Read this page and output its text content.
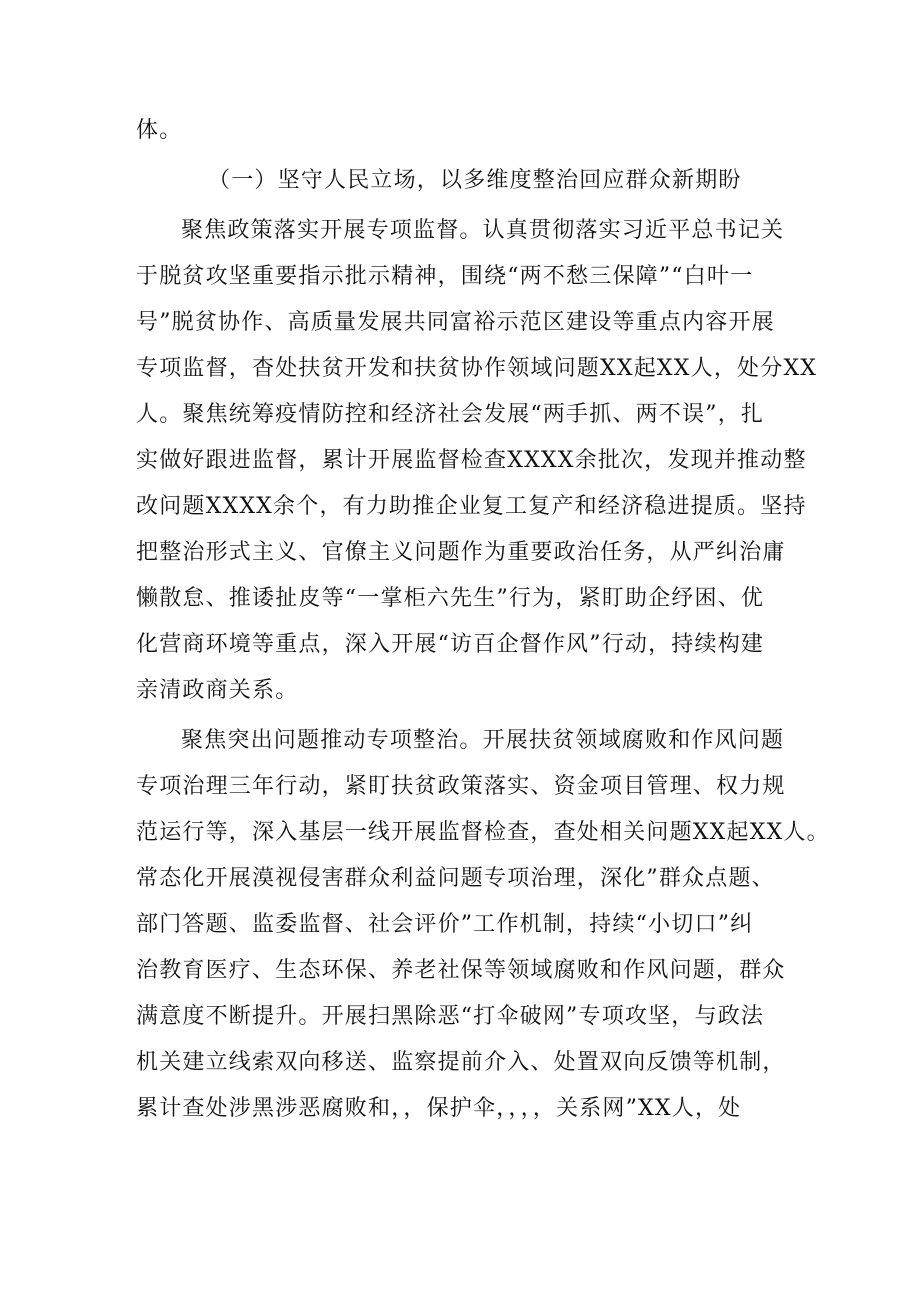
体。
（一）坚守人民立场，以多维度整治回应群众新期盼
聚焦政策落实开展专项监督。认真贯彻落实习近平总书记关
于脱贫攻坚重要指示批示精神，围绕“两不愁三保障”“白叶一
号”脱贫协作、高质量发展共同富裕示范区建设等重点内容开展
专项监督，杳处扶贫开发和扶贫协作领域问题XX起XX人，处分XX
人。聚焦统筹疫情防控和经济社会发展“两手抓、两不误”，扎
实做好跟进监督，累计开展监督检查XXXX余批次，发现并推动整
改问题XXXX余个，有力助推企业复工复产和经济稳进提质。坚持
把整治形式主义、官僚主义问题作为重要政治任务，从严纠治庸
懒散怠、推诿扯皮等“一掌柜六先生”行为，紧盯助企纾困、优
化营商环境等重点，深入开展“访百企督作风”行动，持续构建
亲清政商关系。
聚焦突出问题推动专项整治。开展扶贫领域腐败和作风问题
专项治理三年行动，紧盯扶贫政策落实、资金项目管理、权力规
范运行等，深入基层一线开展监督检查，查处相关问题XX起XX人。
常态化开展漠视侵害群众利益问题专项治理，深化”群众点题、
部门答题、监委监督、社会评价”工作机制，持续“小切口”纠
治教育医疗、生态环保、养老社保等领域腐败和作风问题，群众
满意度不断提升。开展扫黑除恶“打伞破网”专项攻坚，与政法
机关建立线索双向移送、监察提前介入、处置双向反馈等机制，
累计查处涉黑涉恶腐败和，，保护伞，，，，关系网”XX人，处
